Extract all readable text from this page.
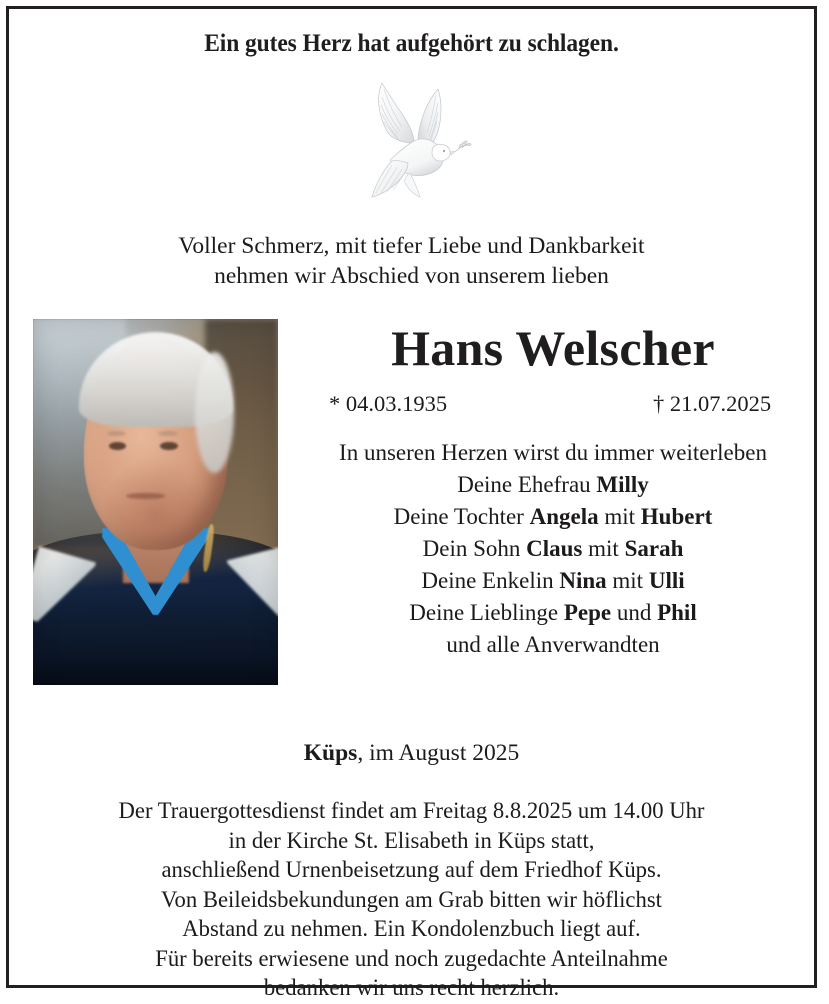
Ein gutes Herz hat aufgehört zu schlagen.
Voller Schmerz, mit tiefer Liebe und Dankbarkeit
nehmen wir Abschied von unserem lieben
Hans Welscher
* 04.03.1935	† 21.07.2025
In unseren Herzen wirst du immer weiterleben
Deine Ehefrau Milly
Deine Tochter Angela mit Hubert
Dein Sohn Claus mit Sarah
Deine Enkelin Nina mit Ulli
Deine Lieblinge Pepe und Phil
und alle Anverwandten
Küps, im August 2025
Der Trauergottesdienst findet am Freitag 8.8.2025 um 14.00 Uhr
in der Kirche St. Elisabeth in Küps statt,
anschließend Urnenbeisetzung auf dem Friedhof Küps.
Von Beileidsbekundungen am Grab bitten wir höflichst
Abstand zu nehmen. Ein Kondolenzbuch liegt auf.
Für bereits erwiesene und noch zugedachte Anteilnahme
bedanken wir uns recht herzlich.
